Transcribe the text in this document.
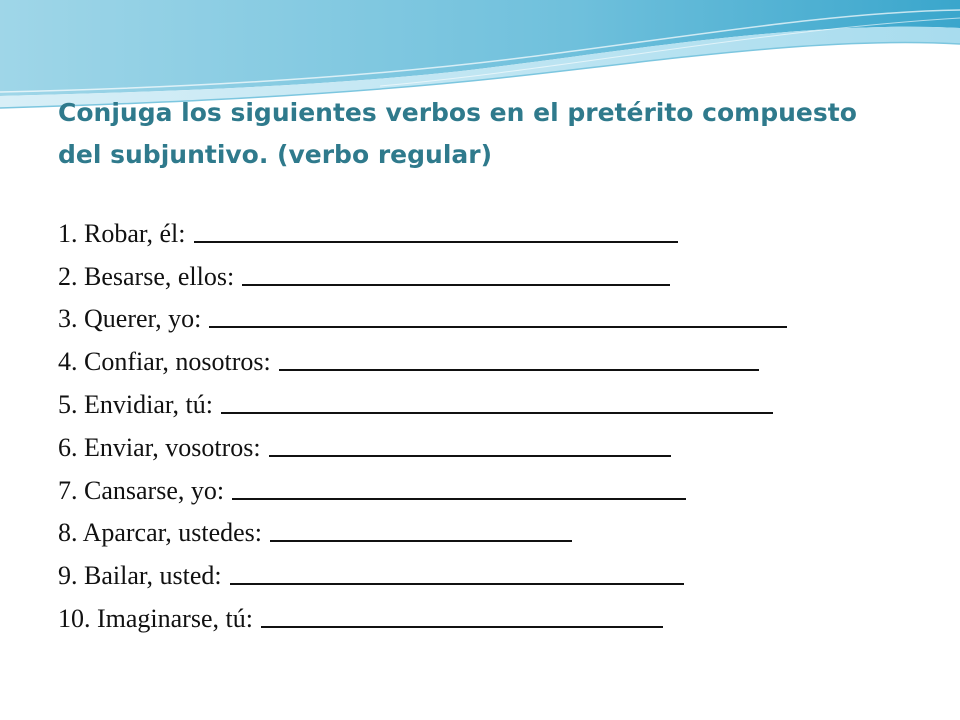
Conjuga los siguientes verbos en el pretérito compuesto
del subjuntivo. (verbo regular)
1. Robar, él:
2. Besarse, ellos:
3. Querer, yo:
4. Confiar, nosotros:
5. Envidiar, tú:
6. Enviar, vosotros:
7. Cansarse, yo:
8. Aparcar, ustedes:
9. Bailar, usted:
10. Imaginarse, tú:
